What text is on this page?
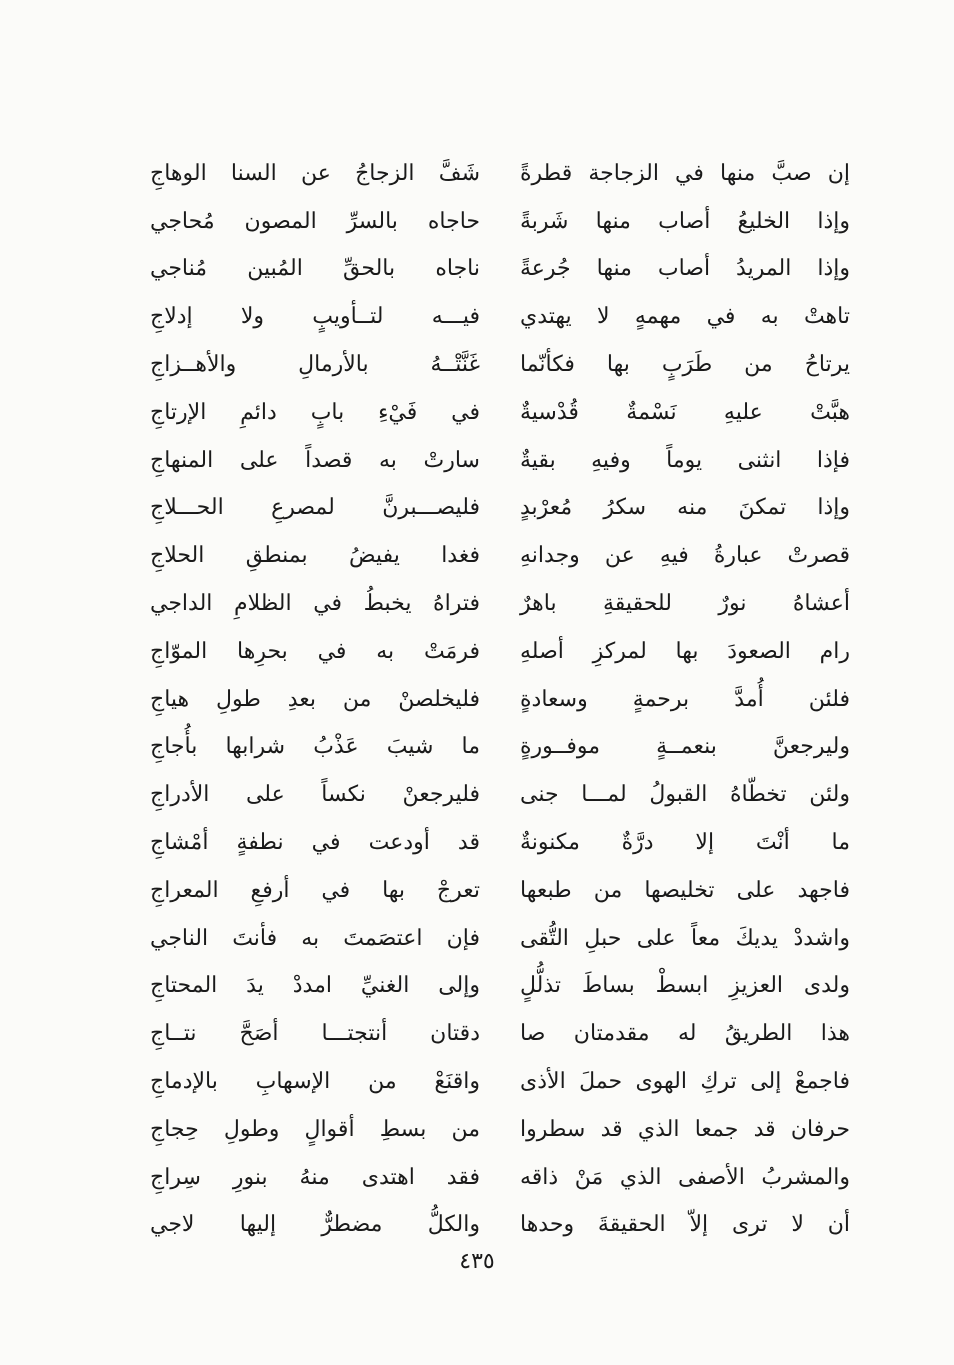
إن صبَّ منها في الزجاجة قطرةً
شَفَّ الزجاجُ عن السنا الوهاجِ
وإذا الخليعُ أصاب منها شَربةً
حاجاه بالسرِّ المصون مُحاجي
وإذا المريدُ أصاب منها جُرعةً
ناجاه بالحقِّ المُبين مُناجي
تاهتْ به في مهمهٍ لا يهتدي
فيـــه لتــأويبٍ ولا إدلاجِ
يرتاحُ من طَرَبٍ بها فكأنّما
غَنَّتْــهُ بالأرمالِ والأهــزاجِ
هبَّتْ عليهِ نَسْمةٌ قُدْسيةٌ
في فَيْءِ بابٍ دائمِ الإرتاجِ
فإذا انثنى يوماً وفيهِ بقيةٌ
سارتْ به قصداً على المنهاجِ
وإذا تمكنَ منه سكرُ مُعرْبدٍ
فليصـــبرنَّ لمصرعِ الحـــلاجِ
قصرتْ عبارةُ فيهِ عن وجدانهِ
فغدا يفيضُ بمنطقِ الحلاجِ
أعشاهُ نورٌ للحقيقةِ باهرٌ
فتراهُ يخبطُ في الظلامِ الداجي
رام الصعودَ بها لمركزِ أصلهِ
فرمَتْ به في بحرِها الموّاجِ
فلئن أُمدَّ برحمةٍ وسعادةٍ
فليخلصنْ من بعدِ طولِ هياجِ
وليرجعنَّ بنعمــةٍ موفــورةٍ
ما شيبَ عَذْبُ شرابها بأُجاجِ
ولئن تخطّاهُ القبولُ لمـــا جنى
فليرجعنْ نكساً على الأدراجِ
ما أنْتَ إلا درَّةٌ مكنونةٌ
قد أودعت في نطفةٍ أمْشاجِ
فاجهد على تخليصها من طبعها
تعرجْ بها في أرفعِ المعراجِ
واشددْ يديكَ معاً على حبلِ التُّقى
فإن اعتصَمتَ به فأنتَ الناجي
ولدى العزيزِ ابسطْ بساطَ تذلُّلٍ
وإلى الغنيِّ امددْ يدَ المحتاجِ
هذا الطريقُ له مقدمتان صا
دقتان أنتجتـــا أصَحَّ نتــاجِ
فاجمعْ إلى تركِ الهوى حملَ الأذى
واقنَعْ من الإسهابِ بالإدماجِ
حرفان قد جمعا الذي قد سطروا
من بسطِ أقوالٍ وطولِ حِجاجِ
والمشربُ الأصفى الذي مَنْ ذاقه
فقد اهتدى منهُ بنورِ سِراجِ
أن لا ترى إلاّ الحقيقةَ وحدها
والكلُّ مضطرٌّ إليها لاجي
٤٣٥
